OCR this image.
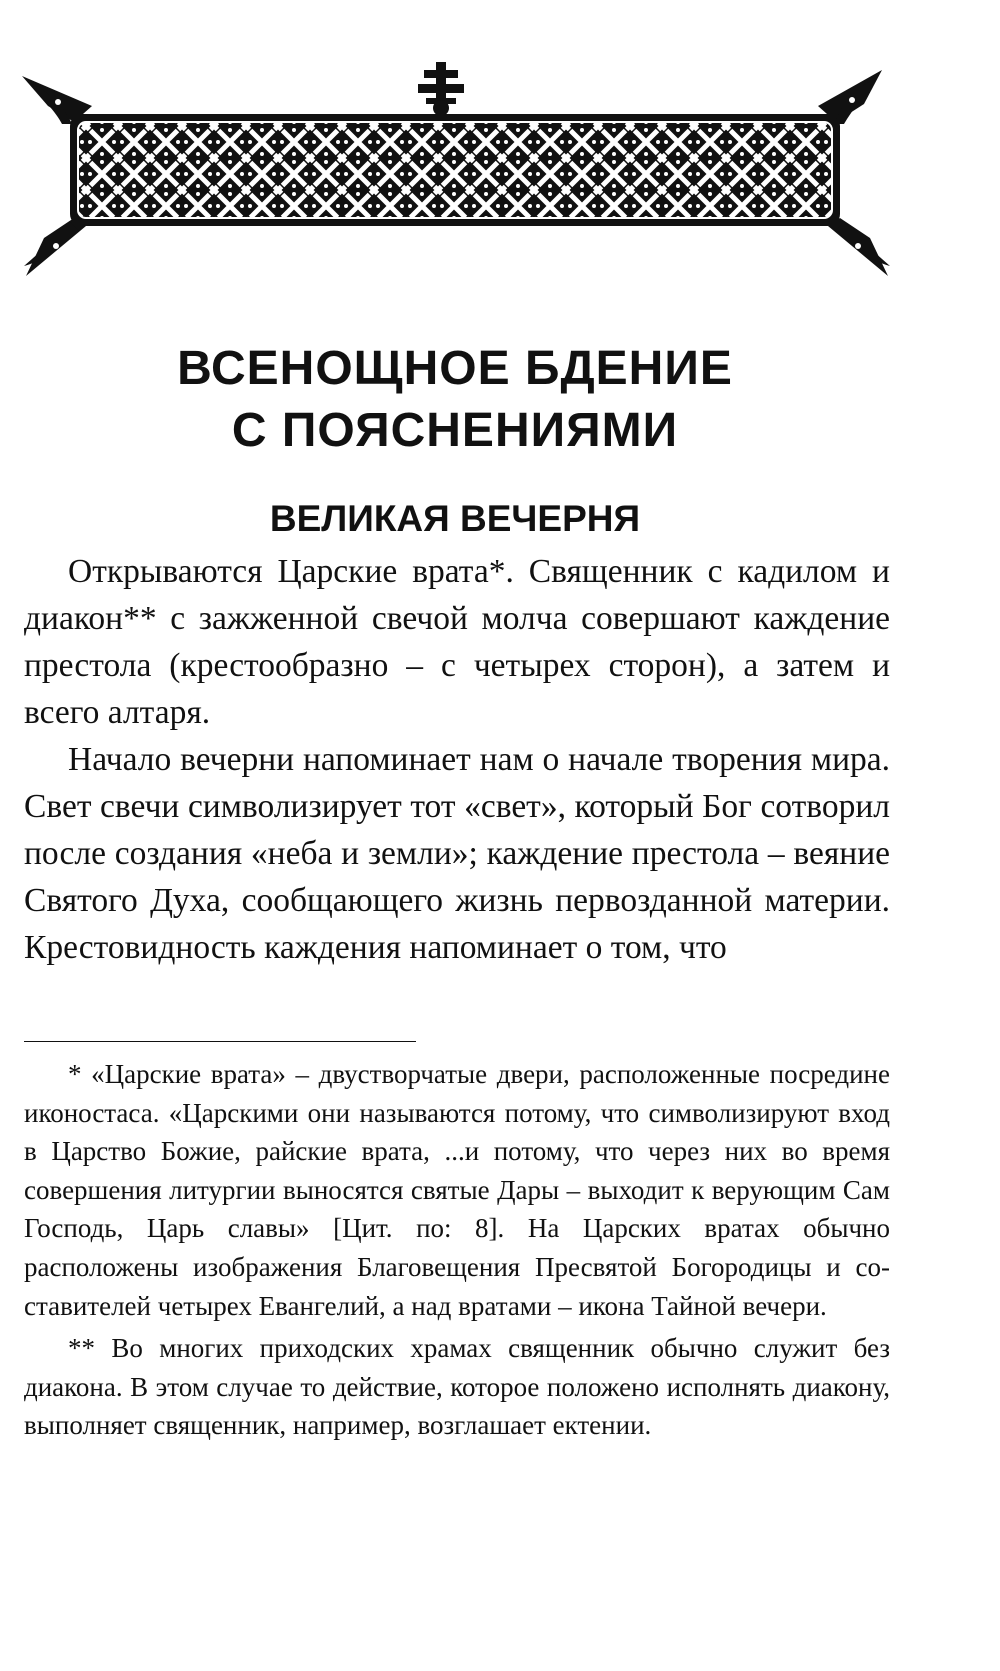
ВСЕНОЩНОЕ БДЕНИЕ
С ПОЯСНЕНИЯМИ
ВЕЛИКАЯ ВЕЧЕРНЯ

Открываются Царские врата*. Священник с кадилом и диакон** с зажженной свечой молча совершают каждение престола (крестообразно – с четырех сторон), а затем и всего алтаря.

Начало вечерни напоминает нам о начале творения мира. Свет свечи символизирует тот «свет», который Бог сотворил после создания «неба и земли»; каждение престола – веяние Святого Духа, сообщающего жизнь первозданной материи. Крестовидность каждения напоминает о том, что

* «Царские врата» – двустворчатые двери, расположенные посредине иконостаса. «Царскими они называются потому, что символизируют вход в Царство Божие, райские врата, ...и потому, что через них во время совершения литургии выносятся святые Дары – выходит к верующим Сам Господь, Царь славы» [Цит. по: 8]. На Царских вратах обычно расположены изображения Благовещения Пресвятой Богородицы и составителей четырех Евангелий, а над вратами – икона Тайной вечери.

** Во многих приходских храмах священник обычно служит без диакона. В этом случае то действие, которое положено исполнять диакону, выполняет священник, например, возглашает ектении.
